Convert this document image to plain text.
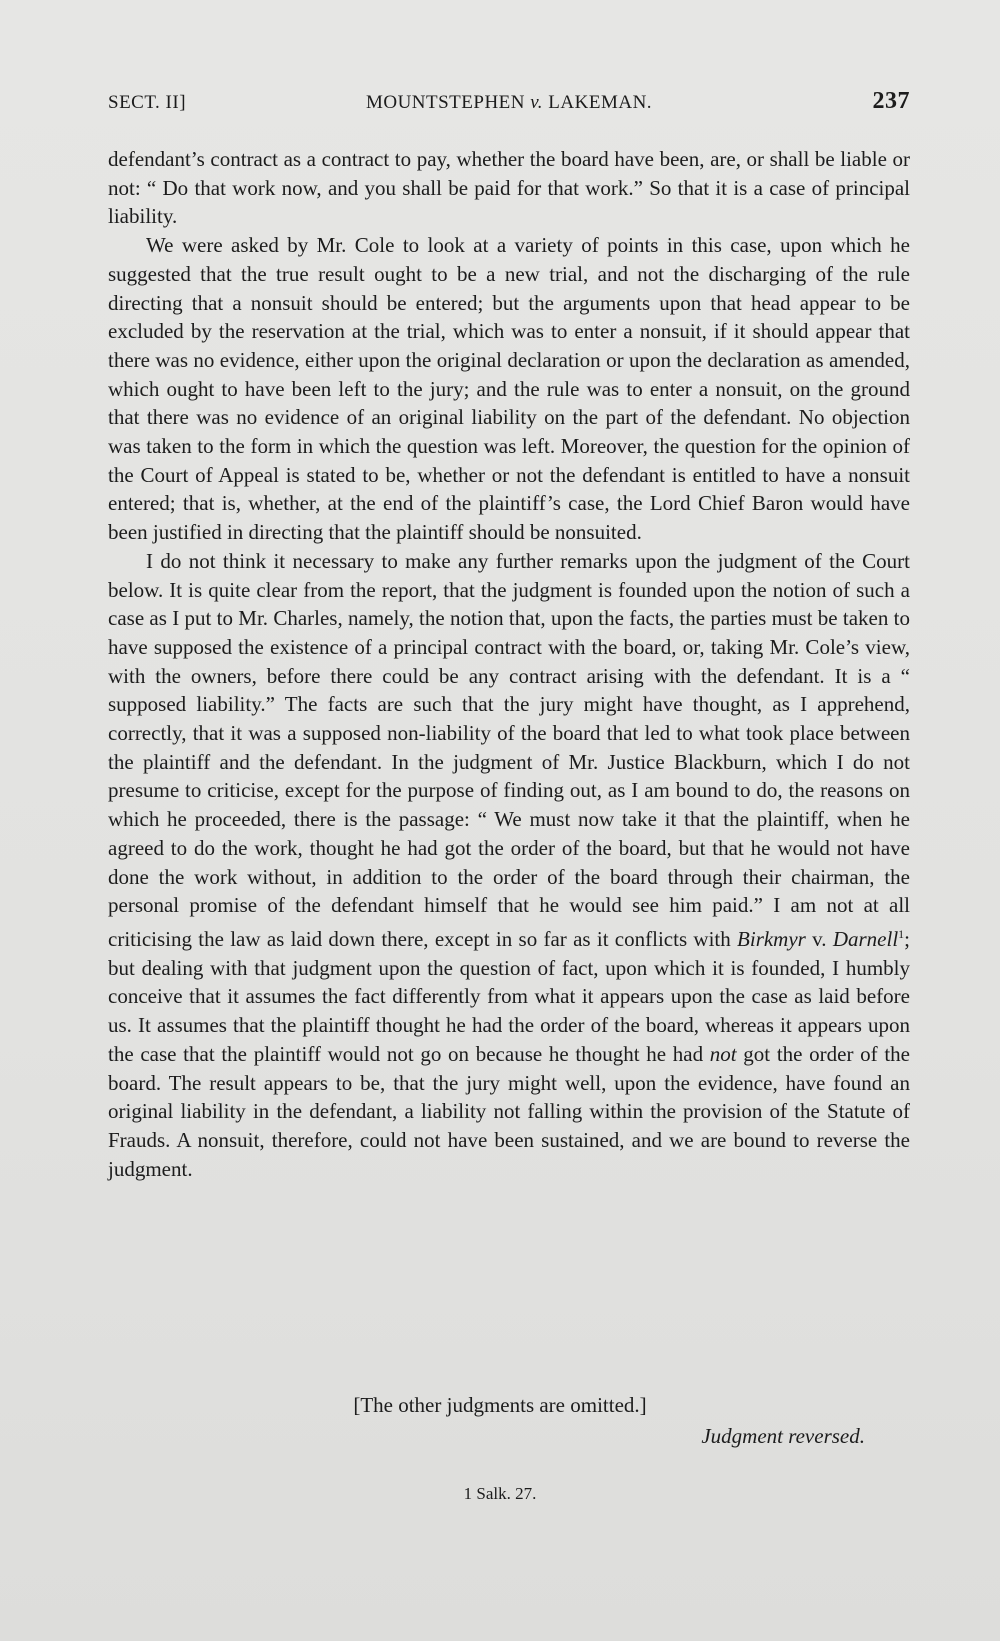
SECT. II]	MOUNTSTEPHEN v. LAKEMAN.	237

defendant’s contract as a contract to pay, whether the board have been, are, or shall be liable or not: “ Do that work now, and you shall be paid for that work.” So that it is a case of principal liability.

We were asked by Mr. Cole to look at a variety of points in this case, upon which he suggested that the true result ought to be a new trial, and not the discharging of the rule directing that a nonsuit should be entered; but the arguments upon that head appear to be excluded by the reservation at the trial, which was to enter a nonsuit, if it should appear that there was no evidence, either upon the original declaration or upon the declaration as amended, which ought to have been left to the jury; and the rule was to enter a nonsuit, on the ground that there was no evidence of an original liability on the part of the defendant. No objection was taken to the form in which the question was left. Moreover, the question for the opinion of the Court of Appeal is stated to be, whether or not the defendant is entitled to have a nonsuit entered; that is, whether, at the end of the plaintiff’s case, the Lord Chief Baron would have been justified in directing that the plaintiff should be nonsuited.

I do not think it necessary to make any further remarks upon the judgment of the Court below. It is quite clear from the report, that the judgment is founded upon the notion of such a case as I put to Mr. Charles, namely, the notion that, upon the facts, the parties must be taken to have supposed the existence of a principal contract with the board, or, taking Mr. Cole’s view, with the owners, before there could be any contract arising with the defendant. It is a “ supposed liability.” The facts are such that the jury might have thought, as I apprehend, correctly, that it was a supposed non-liability of the board that led to what took place between the plaintiff and the defendant. In the judgment of Mr. Justice Blackburn, which I do not presume to criticise, except for the purpose of finding out, as I am bound to do, the reasons on which he proceeded, there is the passage: “ We must now take it that the plaintiff, when he agreed to do the work, thought he had got the order of the board, but that he would not have done the work without, in addition to the order of the board through their chairman, the personal promise of the defendant himself that he would see him paid.” I am not at all criticising the law as laid down there, except in so far as it conflicts with Birkmyr v. Darnell$^1$; but dealing with that judgment upon the question of fact, upon which it is founded, I humbly conceive that it assumes the fact differently from what it appears upon the case as laid before us. It assumes that the plaintiff thought he had the order of the board, whereas it appears upon the case that the plaintiff would not go on because he thought he had not got the order of the board. The result appears to be, that the jury might well, upon the evidence, have found an original liability in the defendant, a liability not falling within the provision of the Statute of Frauds. A nonsuit, therefore, could not have been sustained, and we are bound to reverse the judgment.

[The other judgments are omitted.]
Judgment reversed.
1 Salk. 27.
